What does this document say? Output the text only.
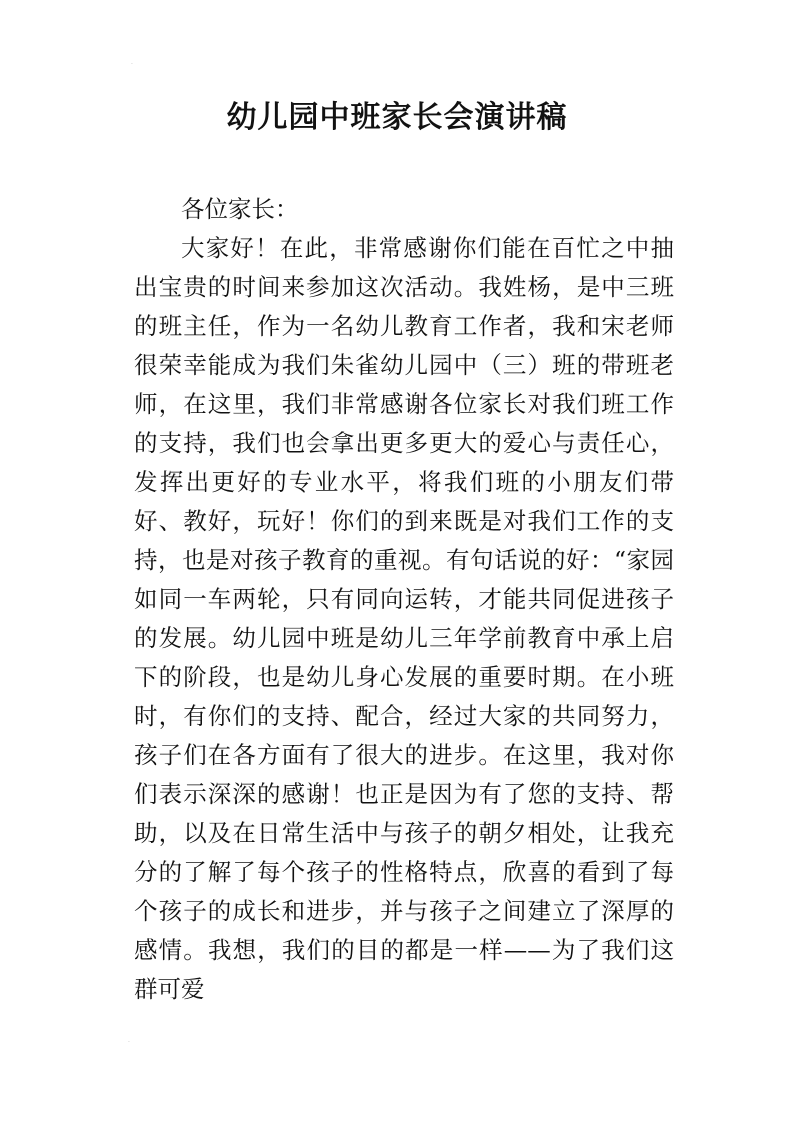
·
·
幼儿园中班家长会演讲稿

各位家长：

大家好！在此，非常感谢你们能在百忙之中抽出宝贵的时间来参加这次活动。我姓杨，是中三班的班主任，作为一名幼儿教育工作者，我和宋老师很荣幸能成为我们朱雀幼儿园中（三）班的带班老师，在这里，我们非常感谢各位家长对我们班工作的支持，我们也会拿出更多更大的爱心与责任心，发挥出更好的专业水平，将我们班的小朋友们带好、教好，玩好！你们的到来既是对我们工作的支持，也是对孩子教育的重视。有句话说的好：“家园如同一车两轮，只有同向运转，才能共同促进孩子的发展。幼儿园中班是幼儿三年学前教育中承上启下的阶段，也是幼儿身心发展的重要时期。在小班时，有你们的支持、配合，经过大家的共同努力，孩子们在各方面有了很大的进步。在这里，我对你们表示深深的感谢！也正是因为有了您的支持、帮助，以及在日常生活中与孩子的朝夕相处，让我充分的了解了每个孩子的性格特点，欣喜的看到了每个孩子的成长和进步，并与孩子之间建立了深厚的感情。我想，我们的目的都是一样——为了我们这群可爱
